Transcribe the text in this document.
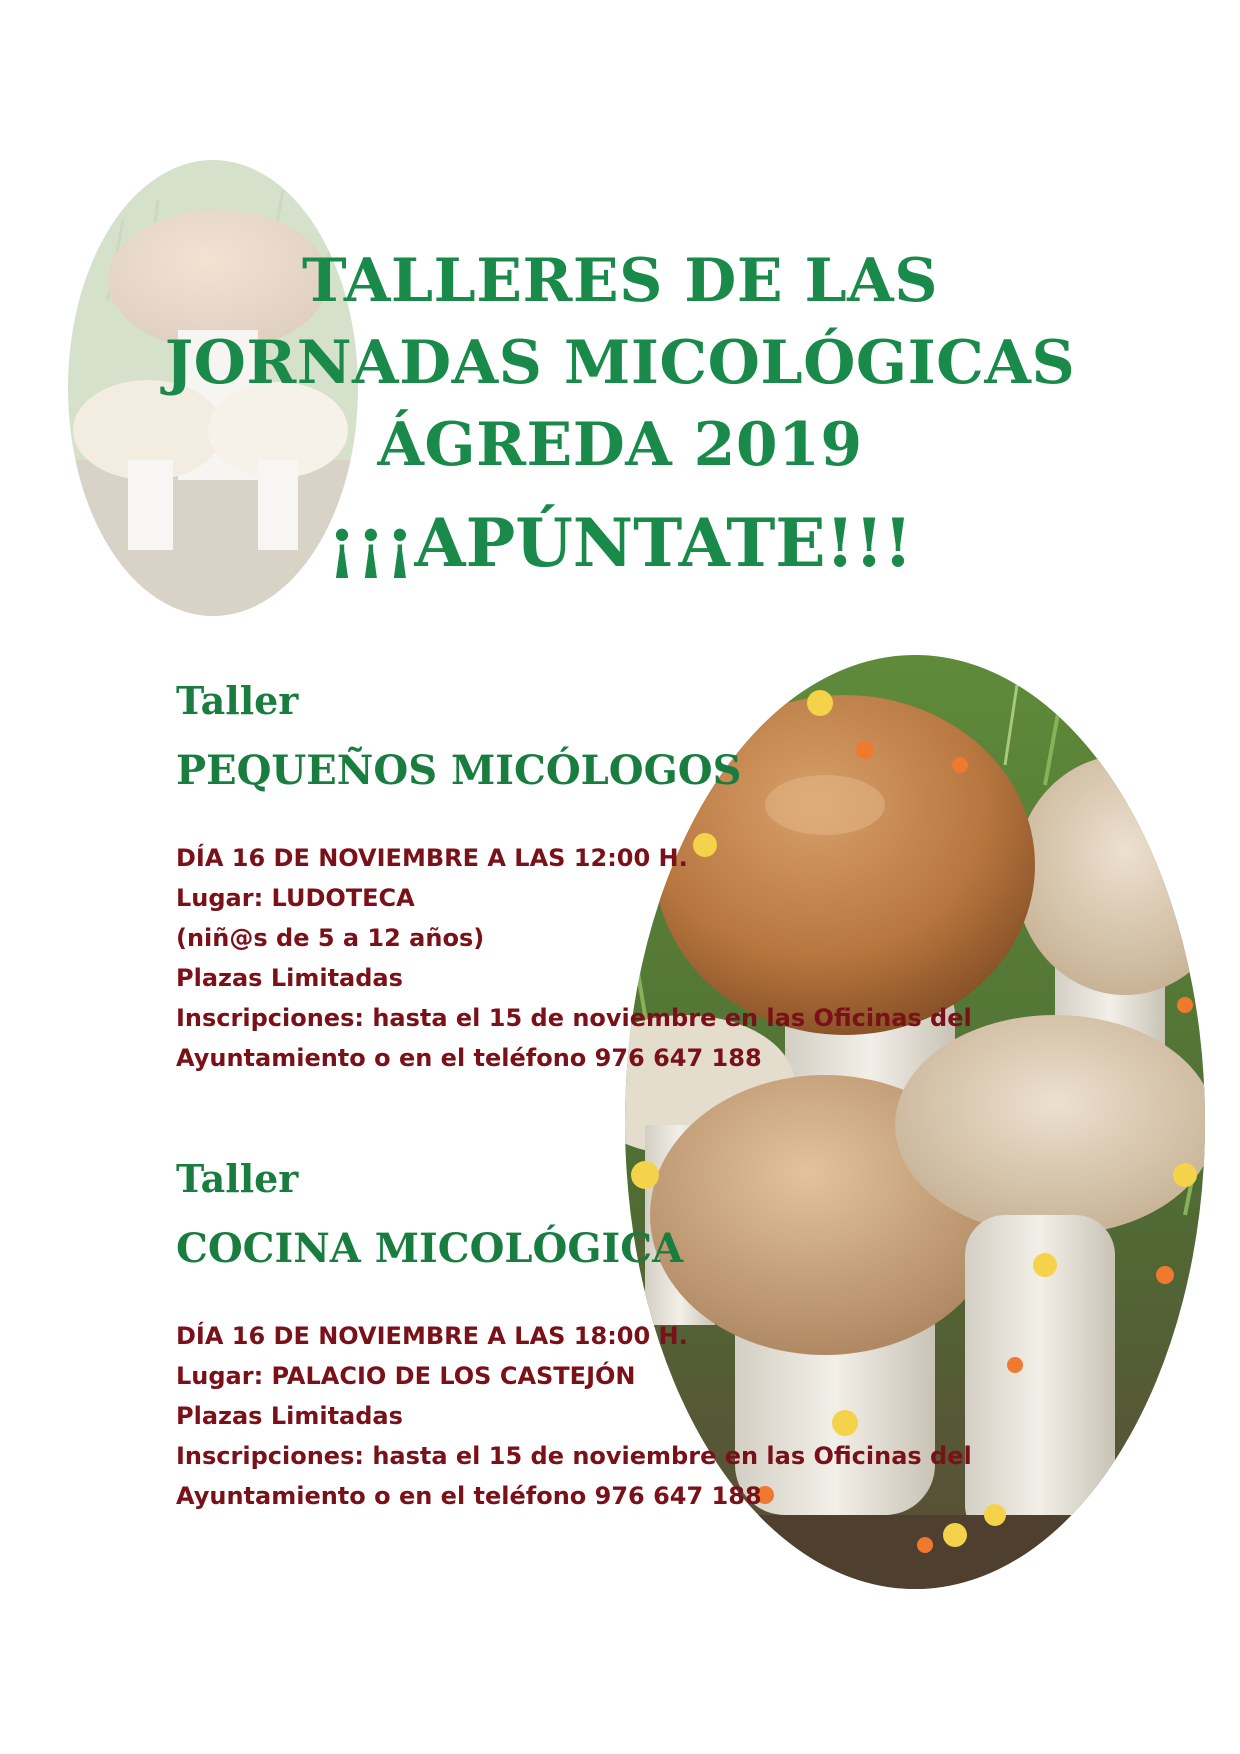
TALLERES DE LAS
JORNADAS MICOLÓGICAS
ÁGREDA 2019
¡¡¡APÚNTATE!!!
Taller
PEQUEÑOS MICÓLOGOS
DÍA 16 DE NOVIEMBRE A LAS 12:00 H.
Lugar: LUDOTECA
(niñ@s de 5 a 12 años)
Plazas Limitadas
Inscripciones: hasta el 15 de noviembre en las Oficinas del
Ayuntamiento o en el teléfono 976 647 188
Taller
COCINA MICOLÓGICA
DÍA 16 DE NOVIEMBRE A LAS 18:00 H.
Lugar: PALACIO DE LOS CASTEJÓN
Plazas Limitadas
Inscripciones: hasta el 15 de noviembre en las Oficinas del
Ayuntamiento o en el teléfono 976 647 188
